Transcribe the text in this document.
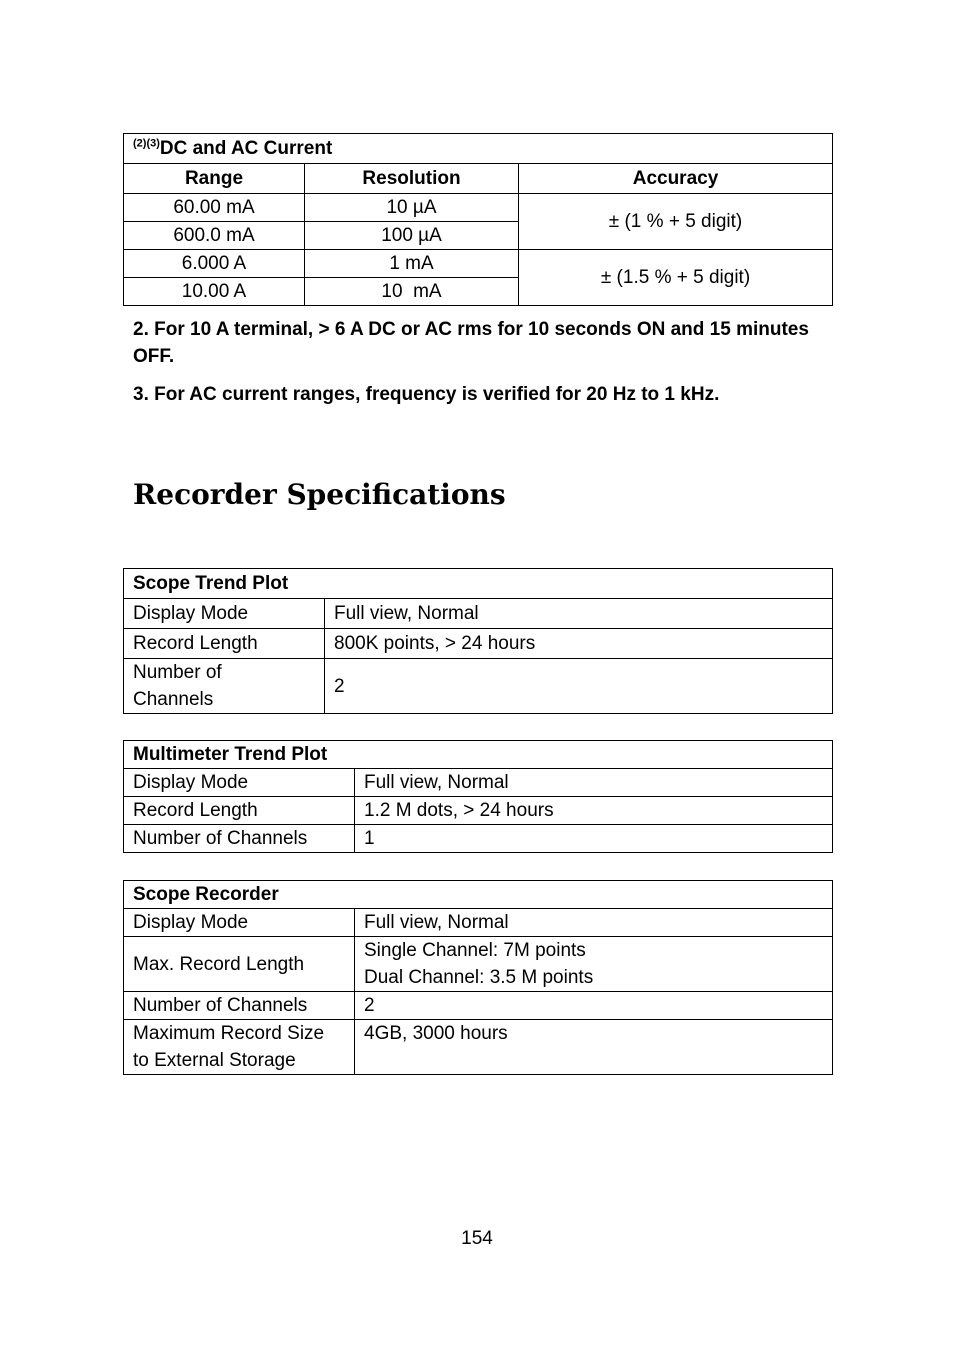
$^{(2)(3)}$DC and AC Current		
Range	Resolution	Accuracy
60.00 mA	10 µA	± (1 % + 5 digit)
600.0 mA	100 µA	
6.000 A	1 mA	± (1.5 % + 5 digit)
10.00 A	10  mA	

2. For 10 A terminal, > 6 A DC or AC rms for 10 seconds ON and 15 minutes OFF.

3. For AC current ranges, frequency is verified for 20 Hz to 1 kHz.

Recorder Specifications
Scope Trend Plot	
Display Mode	Full view, Normal
Record Length	800K points, > 24 hours
Number of Channels	2
Multimeter Trend Plot	
Display Mode	Full view, Normal
Record Length	1.2 M dots, > 24 hours
Number of Channels	1
Scope Recorder	
Display Mode	Full view, Normal
Max. Record Length	Single Channel: 7M points
Dual Channel: 3.5 M points

Number of Channels	2
Maximum Record Size to External Storage	4GB, 3000 hours
154
